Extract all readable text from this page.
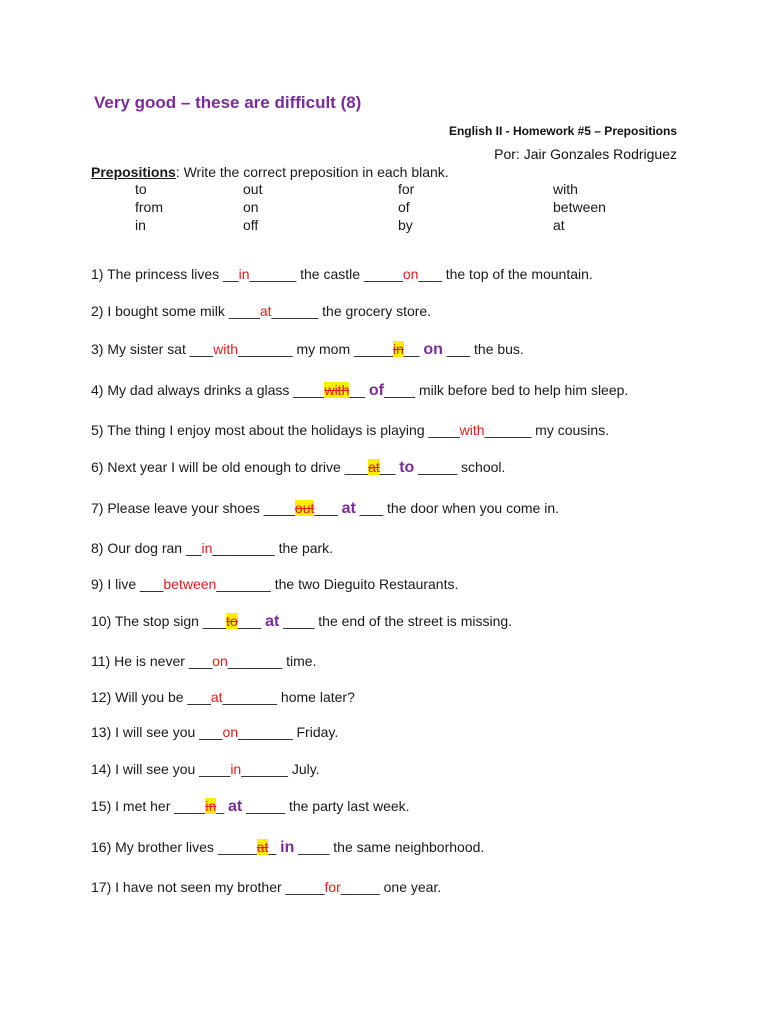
Very good – these are difficult (8)
English II - Homework #5 – Prepositions
Por: Jair Gonzales Rodriguez
Prepositions: Write the correct preposition in each blank.
to	out	for	with
from	on	of	between
in	off	by	at
1) The princess lives __in______ the castle _____on___ the top of the mountain.
2) I bought some milk ____at______ the grocery store.
3) My sister sat ___with_______ my mom _____in__ on ___ the bus.
4) My dad always drinks a glass ____with__ of____ milk before bed to help him sleep.
5) The thing I enjoy most about the holidays is playing ____with______ my cousins.
6) Next year I will be old enough to drive ___at__ to _____ school.
7) Please leave your shoes ____out___ at ___ the door when you come in.
8) Our dog ran __in________ the park.
9) I live ___between_______ the two Dieguito Restaurants.
10) The stop sign ___to___ at ____ the end of the street is missing.
11) He is never ___on_______ time.
12) Will you be ___at_______ home later?
13) I will see you ___on_______ Friday.
14) I will see you ____in______ July.
15) I met her ____in_ at _____ the party last week.
16) My brother lives _____at_ in ____ the same neighborhood.
17) I have not seen my brother _____for_____ one year.
